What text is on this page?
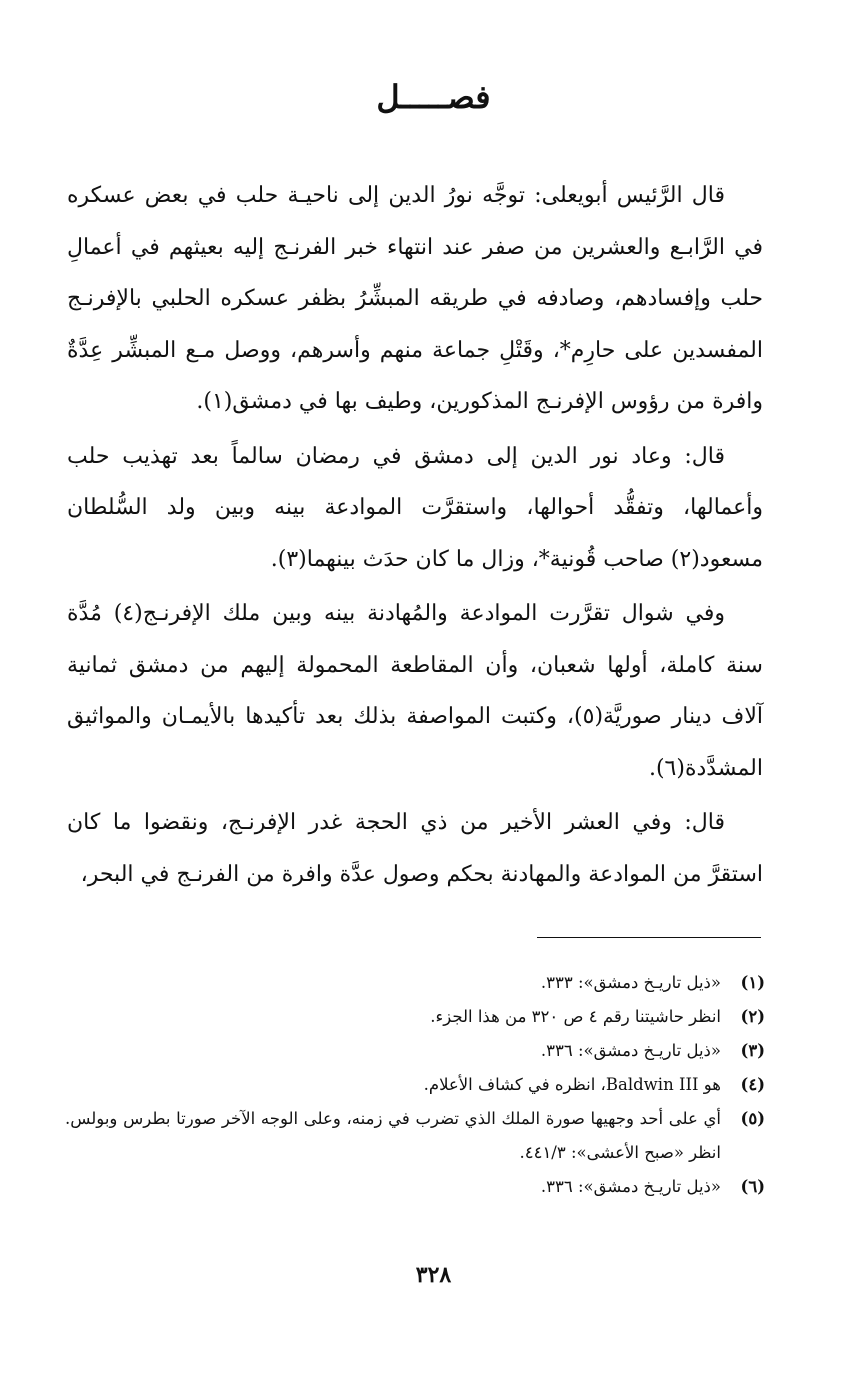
فصـــــل

قال الرَّئيس أبويعلى: توجَّه نورُ الدين إلى ناحيـة حلب في بعض عسكره في الرَّابـع والعشرين من صفر عند انتهاء خبر الفرنـج إليه بعيثهم في أعمالِ حلب وإفسادهم، وصادفه في طريقه المبشِّرُ بظفر عسكره الحلبي بالإفرنـج المفسدين على حارِم*، وقَتْلِ جماعة منهم وأسرهم، ووصل مـع المبشِّر عِدَّةٌ وافرة من رؤوس الإفرنـج المذكورين، وطيف بها في دمشق(١).

قال: وعاد نور الدين إلى دمشق في رمضان سالماً بعد تهذيب حلب وأعمالها، وتفقُّد أحوالها، واستقرَّت الموادعة بينه وبين ولد السُّلطان مسعود(٢) صاحب قُونية*، وزال ما كان حدَث بينهما(٣).

وفي شوال تقرَّرت الموادعة والمُهادنة بينه وبين ملك الإفرنـج(٤) مُدَّة سنة كاملة، أولها شعبان، وأن المقاطعة المحمولة إليهم من دمشق ثمانية آلاف دينار صوريَّة(٥)، وكتبت المواصفة بذلك بعد تأكيدها بالأيمـان والمواثيق المشدَّدة(٦).

قال: وفي العشر الأخير من ذي الحجة غدر الإفرنـج، ونقضوا ما كان استقرَّ من الموادعة والمهادنة بحكم وصول عدَّة وافرة من الفرنـج في البحر،

(١)
«ذيل تاريـخ دمشق»: ٣٣٣.
(٢)
انظر حاشيتنا رقم ٤ ص ٣٢٠ من هذا الجزء.
(٣)
«ذيل تاريـخ دمشق»: ٣٣٦.
(٤)
هو Baldwin III، انظره في كشاف الأعلام.
(٥)
أي على أحد وجهيها صورة الملك الذي تضرب في زمنه، وعلى الوجه الآخر صورتا بطرس وبولس. انظر «صبح الأعشى»: ٤٤١/٣.
(٦)
«ذيل تاريـخ دمشق»: ٣٣٦.
٣٢٨
